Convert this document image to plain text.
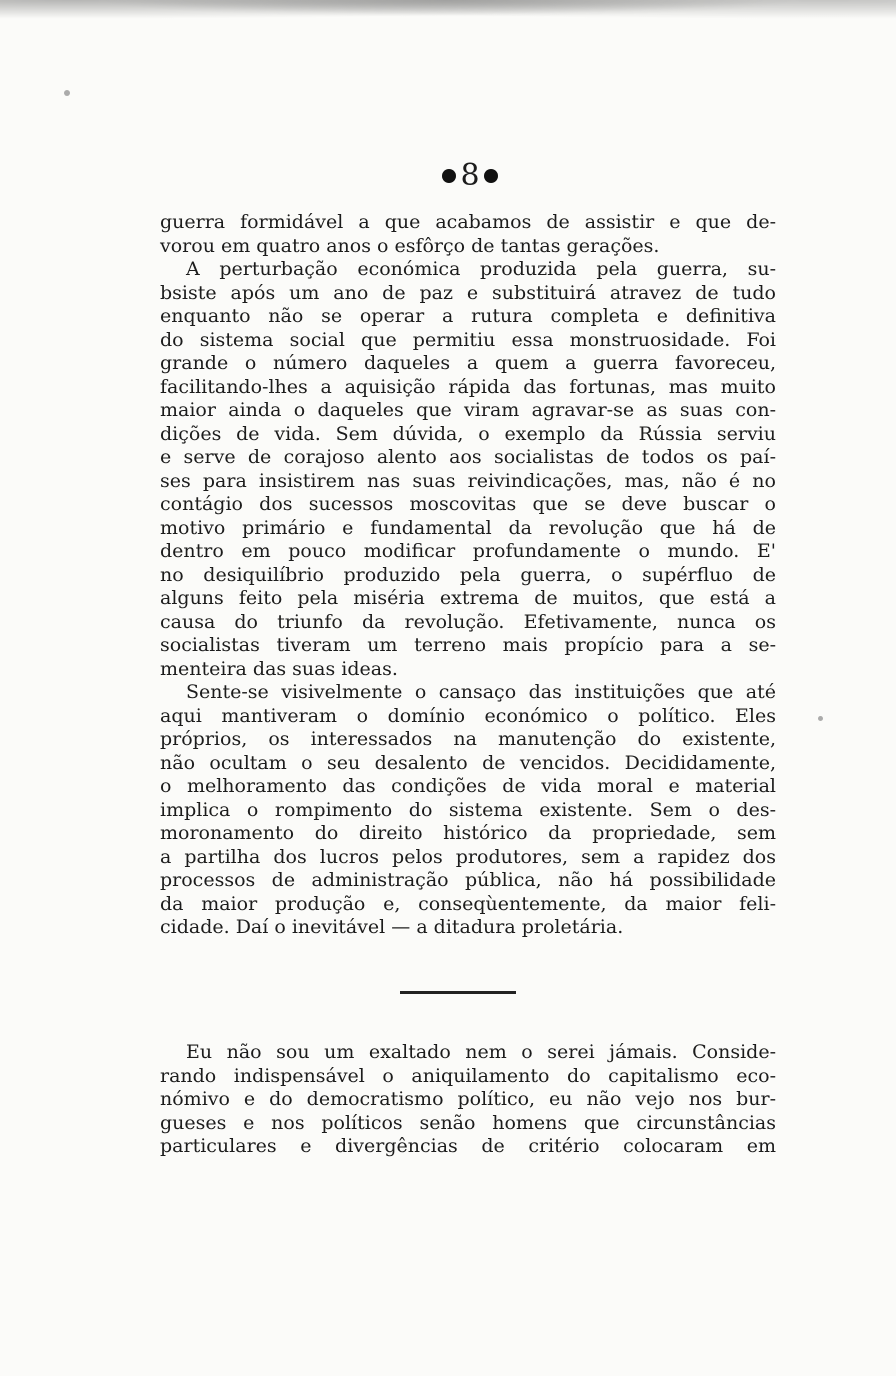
8
guerra formidável a que acabamos de assistir e que de-
vorou em quatro anos o esfôrço de tantas gerações.
A perturbação económica produzida pela guerra, su-
bsiste após um ano de paz e substituirá atravez de tudo
enquanto não se operar a rutura completa e definitiva
do sistema social que permitiu essa monstruosidade. Foi
grande o número daqueles a quem a guerra favoreceu,
facilitando-lhes a aquisição rápida das fortunas, mas muito
maior ainda o daqueles que viram agravar-se as suas con-
dições de vida. Sem dúvida, o exemplo da Rússia serviu
e serve de corajoso alento aos socialistas de todos os paí-
ses para insistirem nas suas reivindicações, mas, não é no
contágio dos sucessos moscovitas que se deve buscar o
motivo primário e fundamental da revolução que há de
dentro em pouco modificar profundamente o mundo. E'
no desiquilíbrio produzido pela guerra, o supérfluo de
alguns feito pela miséria extrema de muitos, que está a
causa do triunfo da revolução. Efetivamente, nunca os
socialistas tiveram um terreno mais propício para a se-
menteira das suas ideas.
Sente-se visivelmente o cansaço das instituições que até
aqui mantiveram o domínio económico o político. Eles
próprios, os interessados na manutenção do existente,
não ocultam o seu desalento de vencidos. Decididamente,
o melhoramento das condições de vida moral e material
implica o rompimento do sistema existente. Sem o des-
moronamento do direito histórico da propriedade, sem
a partilha dos lucros pelos produtores, sem a rapidez dos
processos de administração pública, não há possibilidade
da maior produção e, conseqùentemente, da maior feli-
cidade. Daí o inevitável — a ditadura proletária.
Eu não sou um exaltado nem o serei jámais. Conside-
rando indispensável o aniquilamento do capitalismo eco-
nómivo e do democratismo político, eu não vejo nos bur-
gueses e nos políticos senão homens que circunstâncias
particulares e divergências de critério colocaram em
